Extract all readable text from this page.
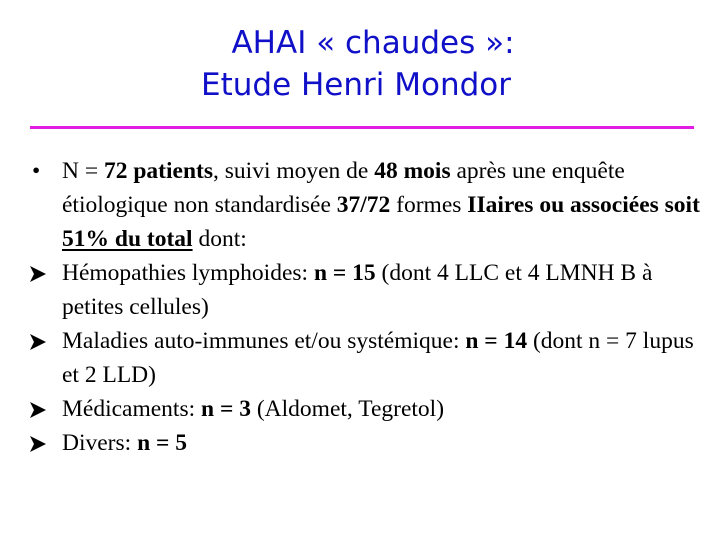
AHAI « chaudes »:
Etude Henri Mondor
• N = 72 patients, suivi moyen de 48 mois après une enquête étiologique non standardisée 37/72 formes IIaires ou associées soit 51% du total dont:
Hémopathies lymphoides: n = 15 (dont 4 LLC et 4 LMNH B à petites cellules)
Maladies auto-immunes et/ou systémique: n = 14 (dont n = 7 lupus et 2 LLD)
Médicaments: n = 3 (Aldomet, Tegretol)
Divers: n = 5
